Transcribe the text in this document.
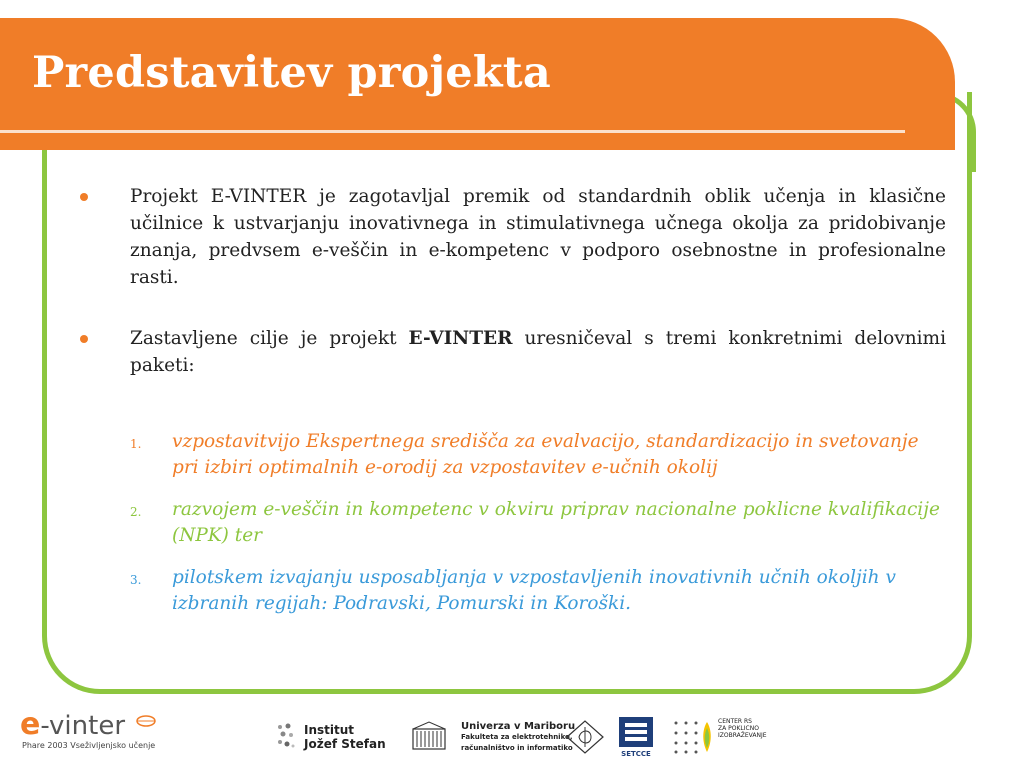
Predstavitev projekta
Projekt E-VINTER je zagotavljal premik od standardnih oblik učenja in klasične učilnice k ustvarjanju inovativnega in stimulativnega učnega okolja za pridobivanje znanja, predvsem e-veščin in e-kompetenc v podporo osebnostne in profesionalne rasti.
Zastavljene cilje je projekt E-VINTER uresničeval s tremi konkretnimi delovnimi paketi:
1. vzpostavitvijo Ekspertnega središča za evalvacijo, standardizacijo in svetovanje pri izbiri optimalnih e-orodij za vzpostavitev e-učnih okolij
2. razvojem e-veščin in kompetenc v okviru priprav nacionalne poklicne kvalifikacije (NPK) ter
3. pilotskem izvajanju usposabljanja v vzpostavljenih inovativnih učnih okoljih v izbranih regijah: Podravski, Pomurski in Koroški.
e-vinter
Phare 2003 Vseživljenjsko učenje
Institut
Jožef Stefan
Univerza v Mariboru
Fakulteta za elektrotehniko,
računalništvo in informatiko
SETCCE
CENTER RS
ZA POKLICNO
IZOBRAŽEVANJE
